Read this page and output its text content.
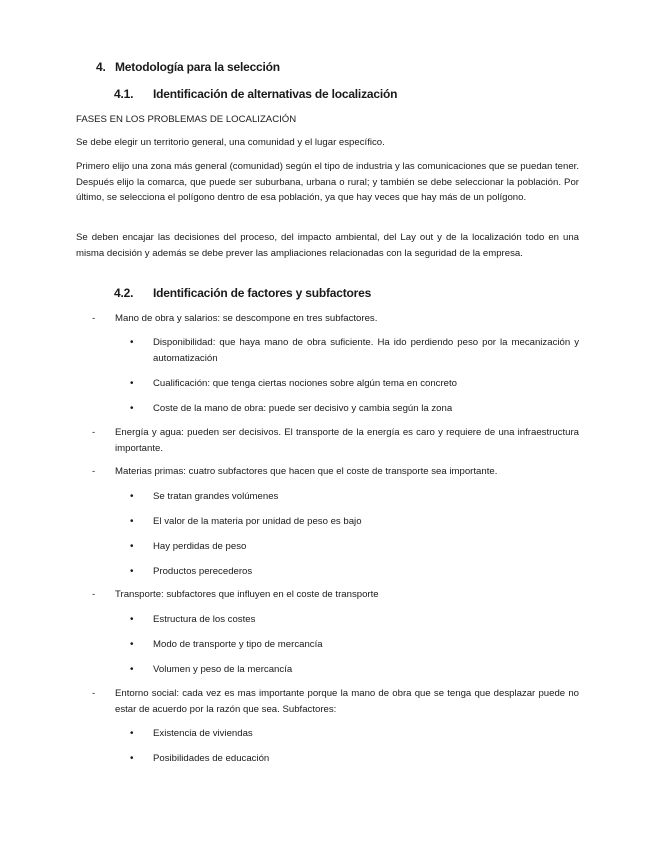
4. Metodología para la selección
4.1. Identificación de alternativas de localización
FASES EN LOS PROBLEMAS DE LOCALIZACIÓN
Se debe elegir un territorio general, una comunidad y el lugar específico.
Primero elijo una zona más general (comunidad) según el tipo de industria y las comunicaciones que se puedan tener. Después elijo la comarca, que puede ser suburbana, urbana o rural; y también se debe seleccionar la población. Por último, se selecciona el polígono dentro de esa población, ya que hay veces que hay más de un polígono.
Se deben encajar las decisiones del proceso, del impacto ambiental, del Lay out y de la localización todo en una misma decisión y además se debe prever las ampliaciones relacionadas con la seguridad de la empresa.
4.2. Identificación de factores y subfactores
- Mano de obra y salarios: se descompone en tres subfactores.
• Disponibilidad: que haya mano de obra suficiente. Ha ido perdiendo peso por la mecanización y automatización
• Cualificación: que tenga ciertas nociones sobre algún tema en concreto
• Coste de la mano de obra: puede ser decisivo y cambia según la zona
- Energía y agua: pueden ser decisivos. El transporte de la energía es caro y requiere de una infraestructura importante.
- Materias primas: cuatro subfactores que hacen que el coste de transporte sea importante.
• Se tratan grandes volúmenes
• El valor de la materia por unidad de peso es bajo
• Hay perdidas de peso
• Productos perecederos
- Transporte: subfactores que influyen en el coste de transporte
• Estructura de los costes
• Modo de transporte y tipo de mercancía
• Volumen y peso de la mercancía
- Entorno social: cada vez es mas importante porque la mano de obra que se tenga que desplazar puede no estar de acuerdo por la razón que sea. Subfactores:
• Existencia de viviendas
• Posibilidades de educación
